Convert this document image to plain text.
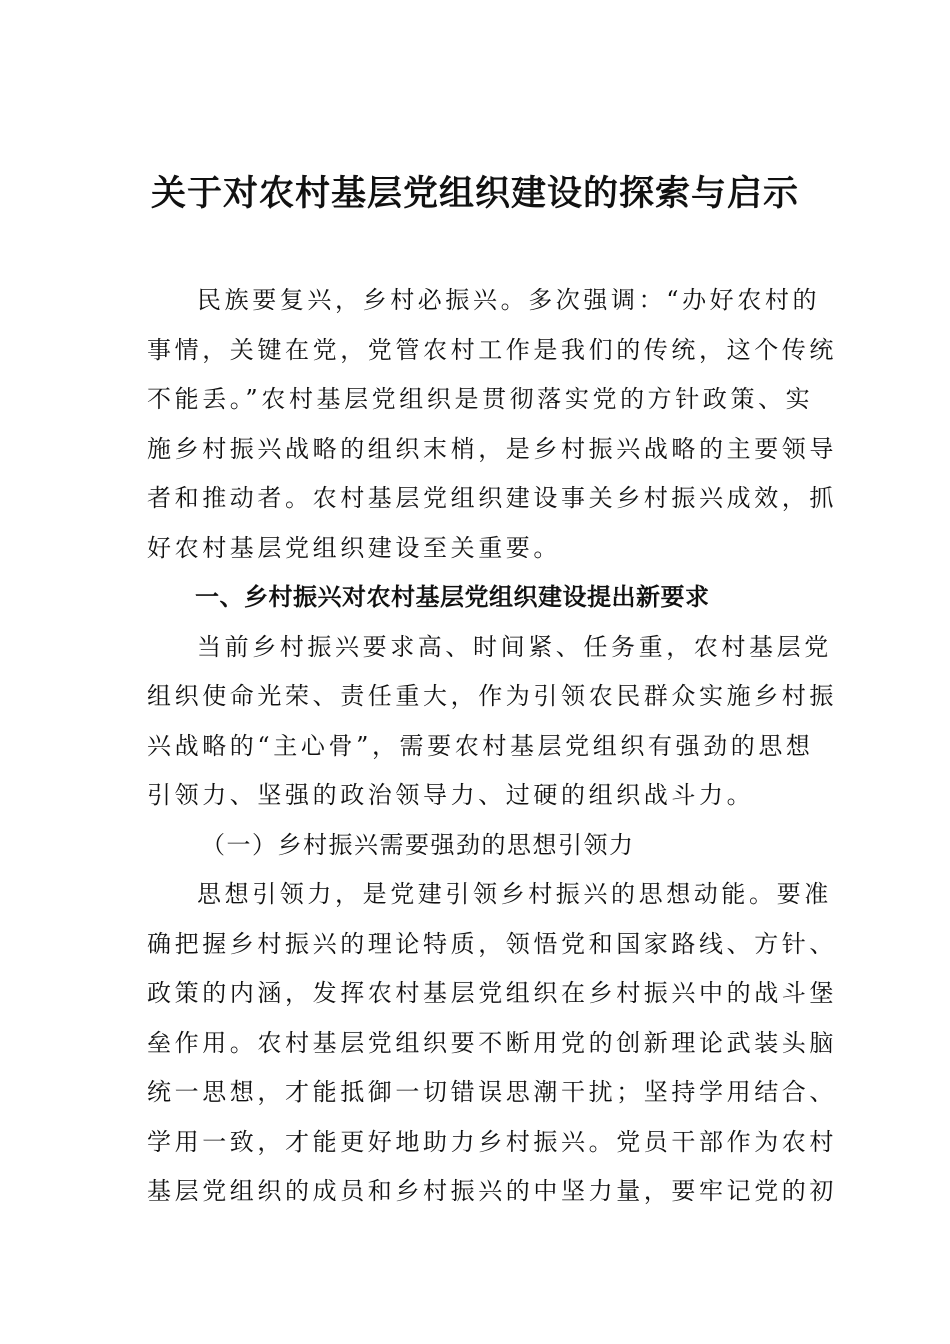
关于对农村基层党组织建设的探索与启示

民族要复兴，乡村必振兴。多次强调：“办好农村的
事情，关键在党，党管农村工作是我们的传统，这个传统
不能丢。”农村基层党组织是贯彻落实党的方针政策、实
施乡村振兴战略的组织末梢，是乡村振兴战略的主要领导
者和推动者。农村基层党组织建设事关乡村振兴成效，抓
好农村基层党组织建设至关重要。

一、乡村振兴对农村基层党组织建设提出新要求

当前乡村振兴要求高、时间紧、任务重，农村基层党
组织使命光荣、责任重大，作为引领农民群众实施乡村振
兴战略的“主心骨”，需要农村基层党组织有强劲的思想
引领力、坚强的政治领导力、过硬的组织战斗力。

（一）乡村振兴需要强劲的思想引领力

思想引领力，是党建引领乡村振兴的思想动能。要准
确把握乡村振兴的理论特质，领悟党和国家路线、方针、
政策的内涵，发挥农村基层党组织在乡村振兴中的战斗堡
垒作用。农村基层党组织要不断用党的创新理论武装头脑
统一思想，才能抵御一切错误思潮干扰；坚持学用结合、
学用一致，才能更好地助力乡村振兴。党员干部作为农村
基层党组织的成员和乡村振兴的中坚力量，要牢记党的初
